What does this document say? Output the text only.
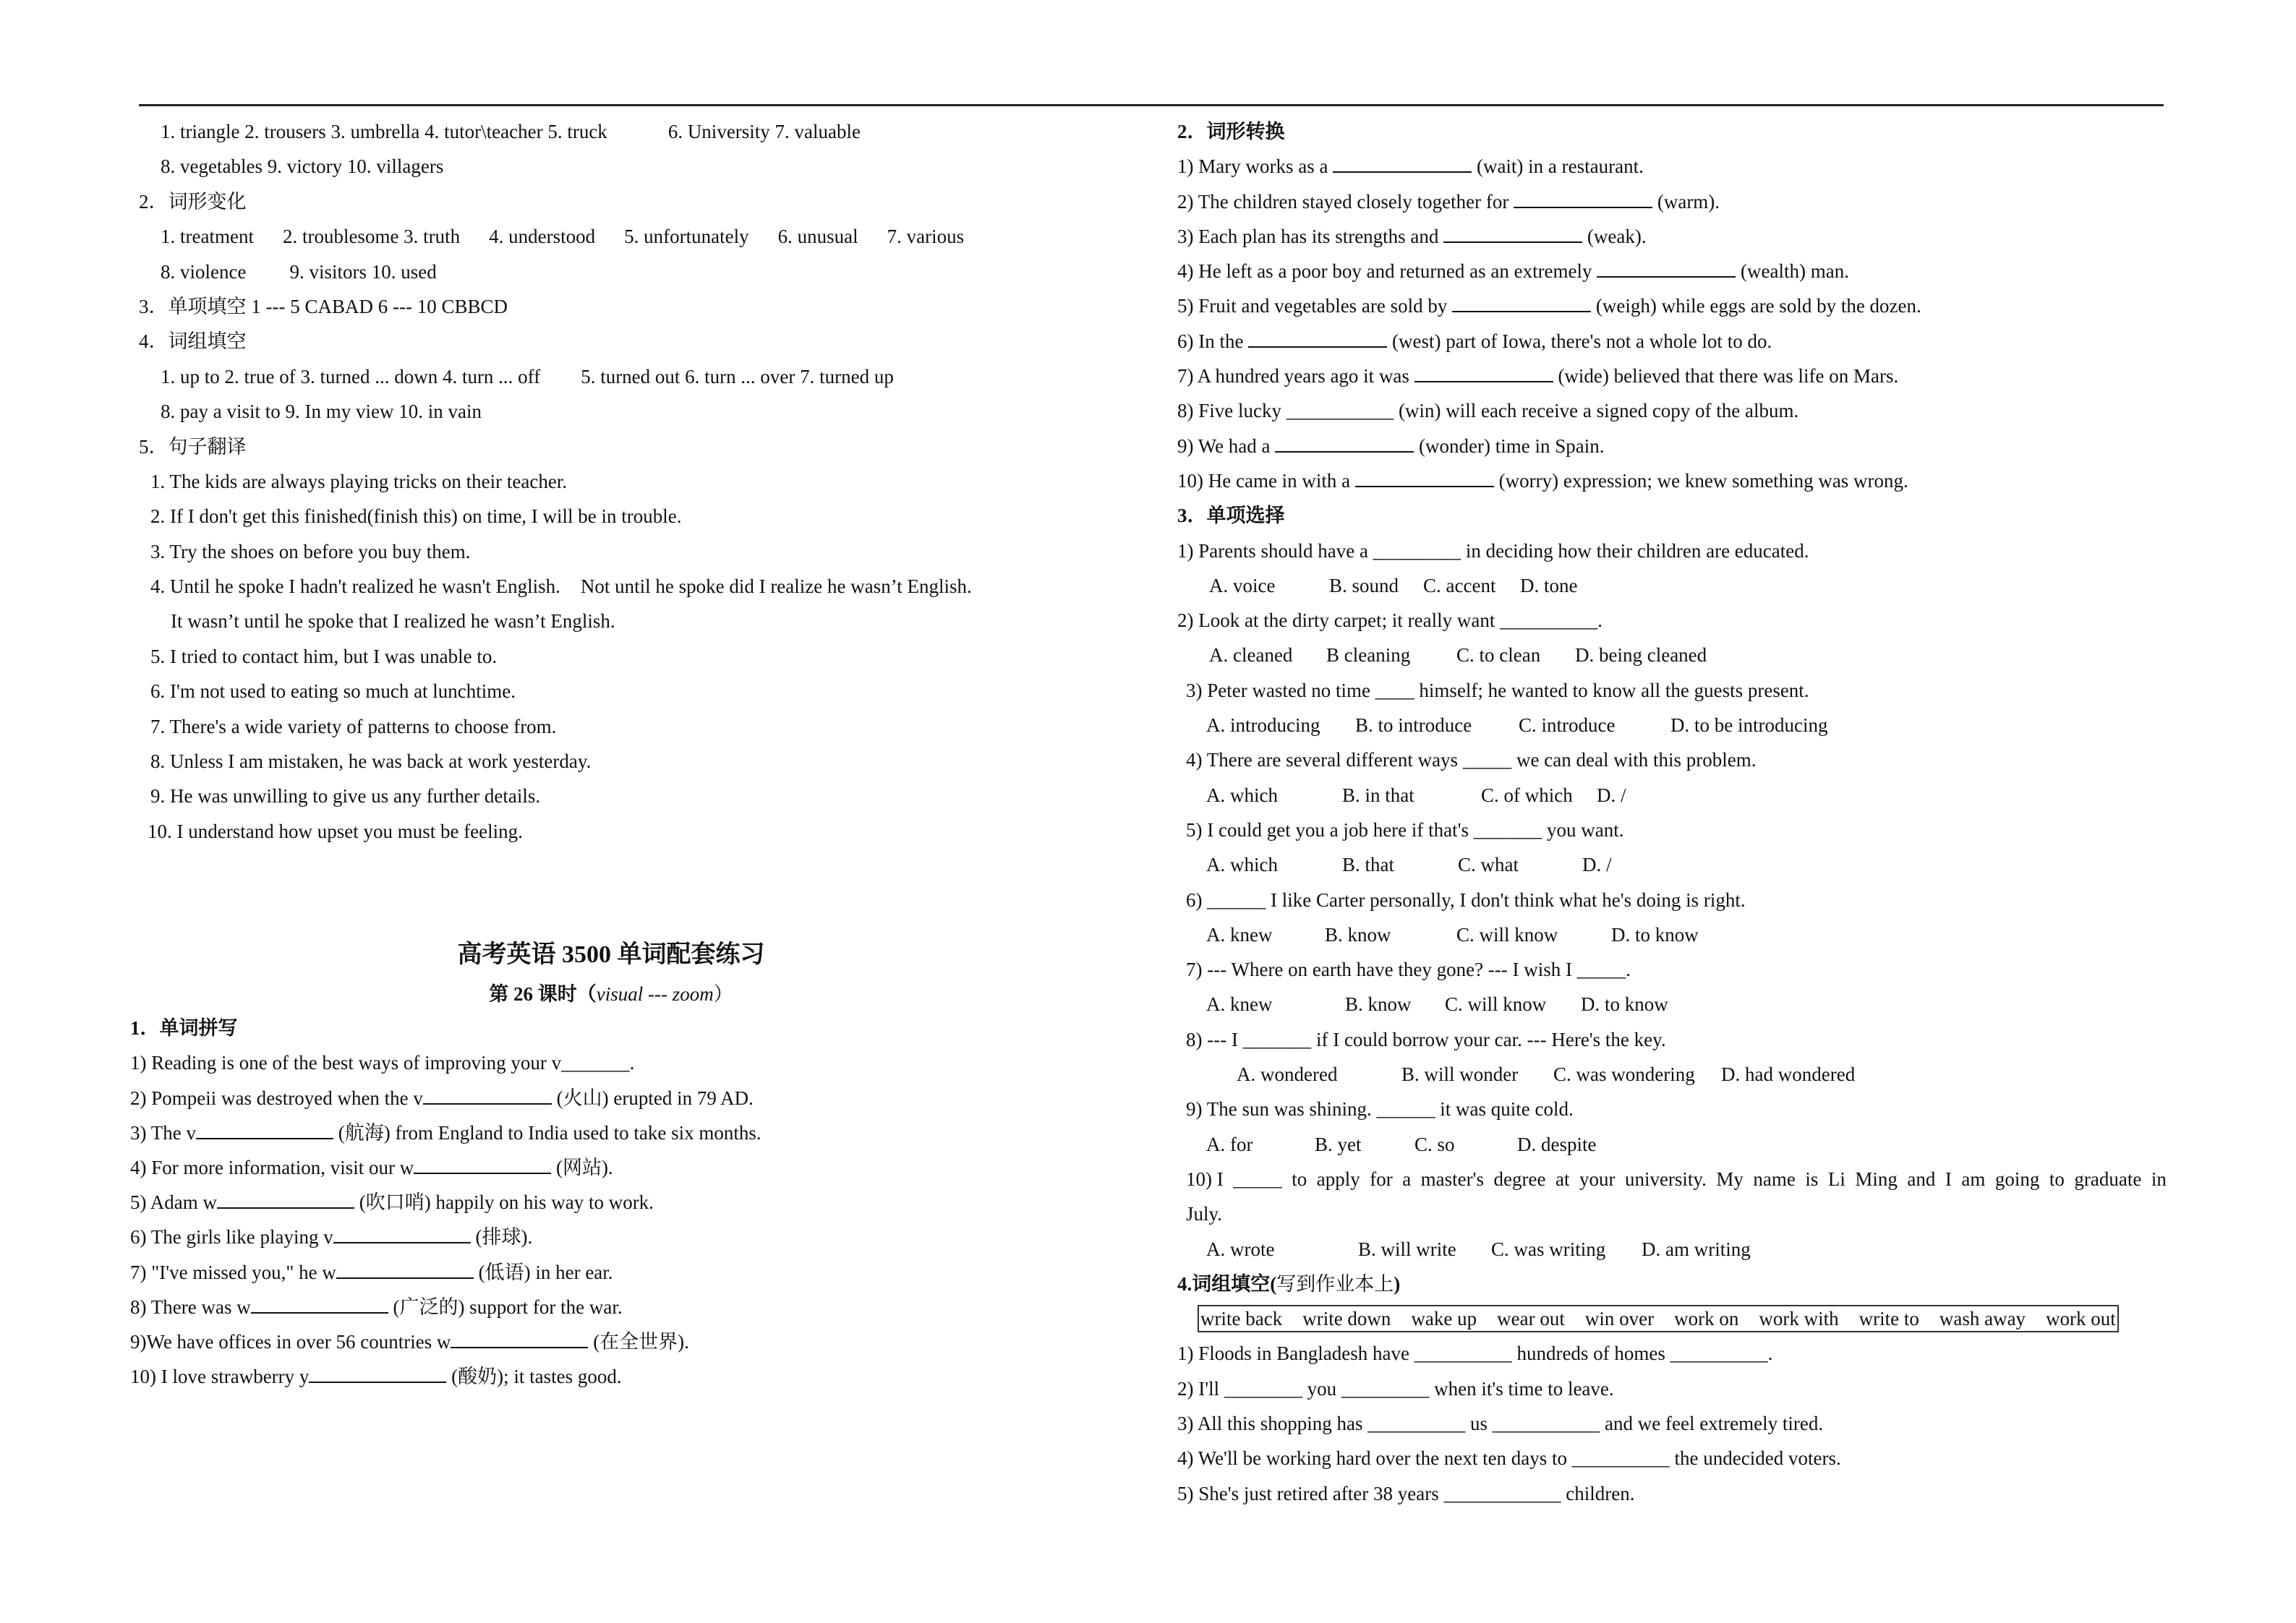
1. triangle 2. trousers 3. umbrella 4. tutor\teacher 5. truck	6. University 7. valuable
8. vegetables 9. victory 10. villagers
2．词形变化
1. treatment 2. troublesome 3. truth 4. understood 5. unfortunately 6. unusual 7. various
8. violence 9. visitors 10. used
3．单项填空 1 --- 5 CABAD 6 --- 10 CBBCD
4．词组填空
1. up to 2. true of 3. turned ... down 4. turn ... off 5. turned out 6. turn ... over 7. turned up
8. pay a visit to 9. In my view 10. in vain
5．句子翻译
1. The kids are always playing tricks on their teacher.
2. If I don't get this finished(finish this) on time, I will be in trouble.
3. Try the shoes on before you buy them.
4. Until he spoke I hadn't realized he wasn't English. Not until he spoke did I realize he wasn’t English.
It wasn’t until he spoke that I realized he wasn’t English.
5. I tried to contact him, but I was unable to.
6. I'm not used to eating so much at lunchtime.
7. There's a wide variety of patterns to choose from.
8. Unless I am mistaken, he was back at work yesterday.
9. He was unwilling to give us any further details.
10. I understand how upset you must be feeling.
高考英语 3500 单词配套练习
第 26 课时（visual --- zoom）
1．单词拼写
1) Reading is one of the best ways of improving your v_______.
2) Pompeii was destroyed when the v	(火山) erupted in 79 AD.
3) The v	(航海) from England to India used to take six months.
4) For more information, visit our w	(网站).
5) Adam w	(吹口哨) happily on his way to work.
6) The girls like playing v	(排球).
7) "I've missed you," he w	(低语) in her ear.
8) There was w	(广泛的) support for the war.
9)We have offices in over 56 countries w	(在全世界).
10) I love strawberry y	(酸奶); it tastes good.
2．词形转换
1) Mary works as a	(wait) in a restaurant.
2) The children stayed closely together for	(warm).
3) Each plan has its strengths and	(weak).
4) He left as a poor boy and returned as an extremely	(wealth) man.
5) Fruit and vegetables are sold by	(weigh) while eggs are sold by the dozen.
6) In the	(west) part of Iowa, there's not a whole lot to do.
7) A hundred years ago it was	(wide) believed that there was life on Mars.
8) Five lucky ___________ (win) will each receive a signed copy of the album.
9) We had a	(wonder) time in Spain.
10) He came in with a	(worry) expression; we knew something was wrong.
3．单项选择
1) Parents should have a _________ in deciding how their children are educated.
A. voice	B. sound C. accent D. tone
2) Look at the dirty carpet; it really want __________.
A. cleaned B cleaning C. to clean D. being cleaned
3) Peter wasted no time ____ himself; he wanted to know all the guests present.
A. introducing B. to introduce C. introduce	D. to be introducing
4) There are several different ways _____ we can deal with this problem.
A. which	B. in that	C. of which D. /
5) I could get you a job here if that's _______ you want.
A. which	B. that	C. what	D. /
6) ______ I like Carter personally, I don't think what he's doing is right.
A. knew	B. know	C. will know	D. to know
7) --- Where on earth have they gone? --- I wish I _____.
A. knew	B. know C. will know D. to know
8) --- I _______ if I could borrow your car. --- Here's the key.
A. wondered	B. will wonder C. was wondering D. had wondered
9) The sun was shining. ______ it was quite cold.
A. for	B. yet	C. so	D. despite
10) I  _____  to  apply  for  a  master's  degree  at  your  university.  My  name  is  Li  Ming  and  I  am  going  to  graduate  in
July.
A. wrote	B. will write C. was writing D. am writing
4.词组填空(写到作业本上)
write back write down wake up wear out win over work on work with write to wash away work out
1) Floods in Bangladesh have __________ hundreds of homes __________.
2) I'll ________ you _________ when it's time to leave.
3) All this shopping has __________ us ___________ and we feel extremely tired.
4) We'll be working hard over the next ten days to __________ the undecided voters.
5) She's just retired after 38 years ____________ children.
